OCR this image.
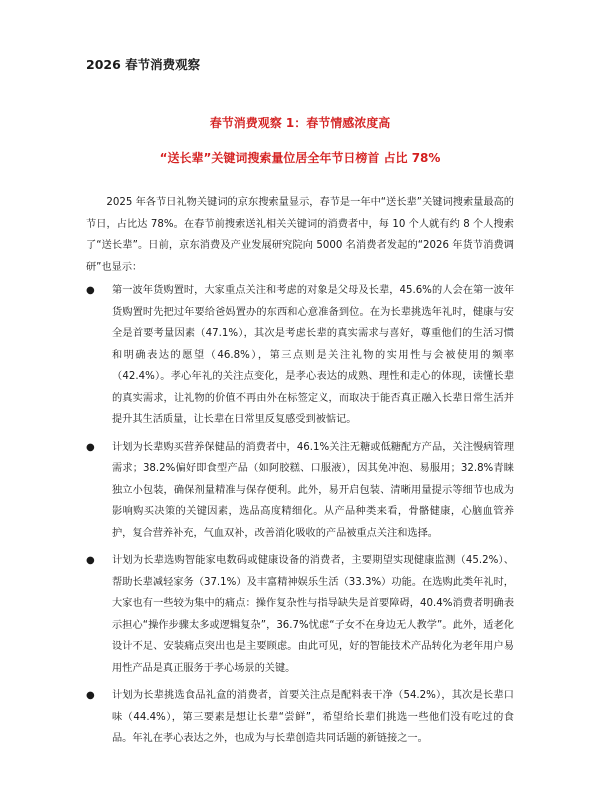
2026 春节消费观察
春节消费观察 1：春节情感浓度高
“送长辈”关键词搜索量位居全年节日榜首 占比 78%

2025 年各节日礼物关键词的京东搜索量显示，春节是一年中“送长辈”关键词搜索量最高的节日，占比达 78%。在春节前搜索送礼相关关键词的消费者中，每 10 个人就有约 8 个人搜索了“送长辈”。日前，京东消费及产业发展研究院向 5000 名消费者发起的“2026 年货节消费调研”也显示：

●	第一波年货购置时，大家重点关注和考虑的对象是父母及长辈，45.6%的人会在第一波年货购置时先把过年要给爸妈置办的东西和心意准备到位。在为长辈挑选年礼时，健康与安全是首要考量因素（47.1%），其次是考虑长辈的真实需求与喜好，尊重他们的生活习惯和明确表达的愿望（46.8%），第三点则是关注礼物的实用性与会被使用的频率（42.4%）。孝心年礼的关注点变化，是孝心表达的成熟、理性和走心的体现，读懂长辈的真实需求，让礼物的价值不再由外在标签定义，而取决于能否真正融入长辈日常生活并提升其生活质量，让长辈在日常里反复感受到被惦记。
●	计划为长辈购买营养保健品的消费者中，46.1%关注无糖或低糖配方产品，关注慢病管理需求；38.2%偏好即食型产品（如阿胶糕、口服液），因其免冲泡、易服用；32.8%青睐独立小包装，确保剂量精准与保存便利。此外，易开启包装、清晰用量提示等细节也成为影响购买决策的关键因素，选品高度精细化。从产品种类来看，骨骼健康，心脑血管养护，复合营养补充，气血双补，改善消化吸收的产品被重点关注和选择。
●	计划为长辈选购智能家电数码或健康设备的消费者，主要期望实现健康监测（45.2%）、帮助长辈减轻家务（37.1%）及丰富精神娱乐生活（33.3%）功能。在选购此类年礼时，大家也有一些较为集中的痛点：操作复杂性与指导缺失是首要障碍，40.4%消费者明确表示担心“操作步骤太多或逻辑复杂”，36.7%忧虑“子女不在身边无人教学”。此外，适老化设计不足、安装痛点突出也是主要顾虑。由此可见，好的智能技术产品转化为老年用户易用性产品是真正服务于孝心场景的关键。
●	计划为长辈挑选食品礼盒的消费者，首要关注点是配料表干净（54.2%），其次是长辈口味（44.4%），第三要素是想让长辈“尝鲜”，希望给长辈们挑选一些他们没有吃过的食品。年礼在孝心表达之外，也成为与长辈创造共同话题的新链接之一。
